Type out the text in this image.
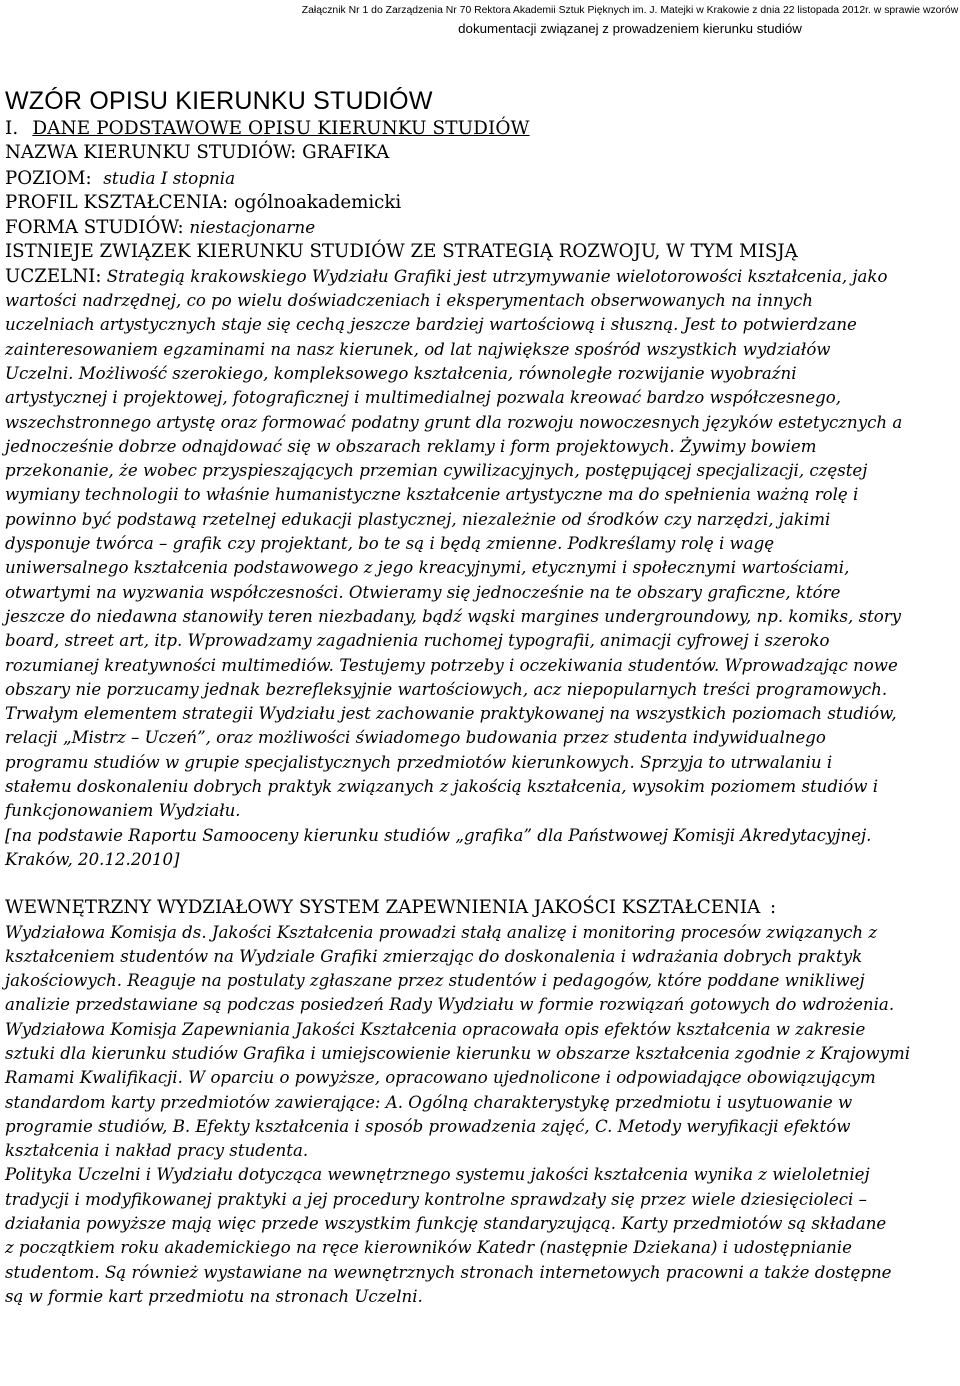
Załącznik Nr 1 do Zarządzenia Nr 70 Rektora Akademii Sztuk Pięknych im. J. Matejki w Krakowie z dnia 22 listopada 2012r. w sprawie wzorów
dokumentacji związanej z prowadzeniem kierunku studiów
WZÓR OPISU KIERUNKU STUDIÓW
I. DANE PODSTAWOWE OPISU KIERUNKU STUDIÓW
NAZWA KIERUNKU STUDIÓW: GRAFIKA
POZIOM: studia I stopnia
PROFIL KSZTAŁCENIA: ogólnoakademicki
FORMA STUDIÓW: niestacjonarne
ISTNIEJE ZWIĄZEK KIERUNKU STUDIÓW ZE STRATEGIĄ ROZWOJU, W TYM MISJĄ
UCZELNI: Strategią krakowskiego Wydziału Grafiki jest utrzymywanie wielotorowości kształcenia, jako
wartości nadrzędnej, co po wielu doświadczeniach i eksperymentach obserwowanych na innych
uczelniach artystycznych staje się cechą jeszcze bardziej wartościową i słuszną. Jest to potwierdzane
zainteresowaniem egzaminami na nasz kierunek, od lat największe spośród wszystkich wydziałów
Uczelni. Możliwość szerokiego, kompleksowego kształcenia, równoległe rozwijanie wyobraźni
artystycznej i projektowej, fotograficznej i multimedialnej pozwala kreować bardzo współczesnego,
wszechstronnego artystę oraz formować podatny grunt dla rozwoju nowoczesnych języków estetycznych a
jednocześnie dobrze odnajdować się w obszarach reklamy i form projektowych. Żywimy bowiem
przekonanie, że wobec przyspieszających przemian cywilizacyjnych, postępującej specjalizacji, częstej
wymiany technologii to właśnie humanistyczne kształcenie artystyczne ma do spełnienia ważną rolę i
powinno być podstawą rzetelnej edukacji plastycznej, niezależnie od środków czy narzędzi, jakimi
dysponuje twórca – grafik czy projektant, bo te są i będą zmienne. Podkreślamy rolę i wagę
uniwersalnego kształcenia podstawowego z jego kreacyjnymi, etycznymi i społecznymi wartościami,
otwartymi na wyzwania współczesności. Otwieramy się jednocześnie na te obszary graficzne, które
jeszcze do niedawna stanowiły teren niezbadany, bądź wąski margines undergroundowy, np. komiks, story
board, street art, itp. Wprowadzamy zagadnienia ruchomej typografii, animacji cyfrowej i szeroko
rozumianej kreatywności multimediów. Testujemy potrzeby i oczekiwania studentów. Wprowadzając nowe
obszary nie porzucamy jednak bezrefleksyjnie wartościowych, acz niepopularnych treści programowych.
Trwałym elementem strategii Wydziału jest zachowanie praktykowanej na wszystkich poziomach studiów,
relacji „Mistrz – Uczeń”, oraz możliwości świadomego budowania przez studenta indywidualnego
programu studiów w grupie specjalistycznych przedmiotów kierunkowych. Sprzyja to utrwalaniu i
stałemu doskonaleniu dobrych praktyk związanych z jakością kształcenia, wysokim poziomem studiów i
funkcjonowaniem Wydziału.
[na podstawie Raportu Samooceny kierunku studiów „grafika” dla Państwowej Komisji Akredytacyjnej.
Kraków, 20.12.2010]
WEWNĘTRZNY WYDZIAŁOWY SYSTEM ZAPEWNIENIA JAKOŚCI KSZTAŁCENIA :
Wydziałowa Komisja ds. Jakości Kształcenia prowadzi stałą analizę i monitoring procesów związanych z
kształceniem studentów na Wydziale Grafiki zmierzając do doskonalenia i wdrażania dobrych praktyk
jakościowych. Reaguje na postulaty zgłaszane przez studentów i pedagogów, które poddane wnikliwej
analizie przedstawiane są podczas posiedzeń Rady Wydziału w formie rozwiązań gotowych do wdrożenia.
Wydziałowa Komisja Zapewniania Jakości Kształcenia opracowała opis efektów kształcenia w zakresie
sztuki dla kierunku studiów Grafika i umiejscowienie kierunku w obszarze kształcenia zgodnie z Krajowymi
Ramami Kwalifikacji. W oparciu o powyższe, opracowano ujednolicone i odpowiadające obowiązującym
standardom karty przedmiotów zawierające: A. Ogólną charakterystykę przedmiotu i usytuowanie w
programie studiów, B. Efekty kształcenia i sposób prowadzenia zajęć, C. Metody weryfikacji efektów
kształcenia i nakład pracy studenta.
Polityka Uczelni i Wydziału dotycząca wewnętrznego systemu jakości kształcenia wynika z wieloletniej
tradycji i modyfikowanej praktyki a jej procedury kontrolne sprawdzały się przez wiele dziesięcioleci –
działania powyższe mają więc przede wszystkim funkcję standaryzującą. Karty przedmiotów są składane
z początkiem roku akademickiego na ręce kierowników Katedr (następnie Dziekana) i udostępnianie
studentom. Są również wystawiane na wewnętrznych stronach internetowych pracowni a także dostępne
są w formie kart przedmiotu na stronach Uczelni.
